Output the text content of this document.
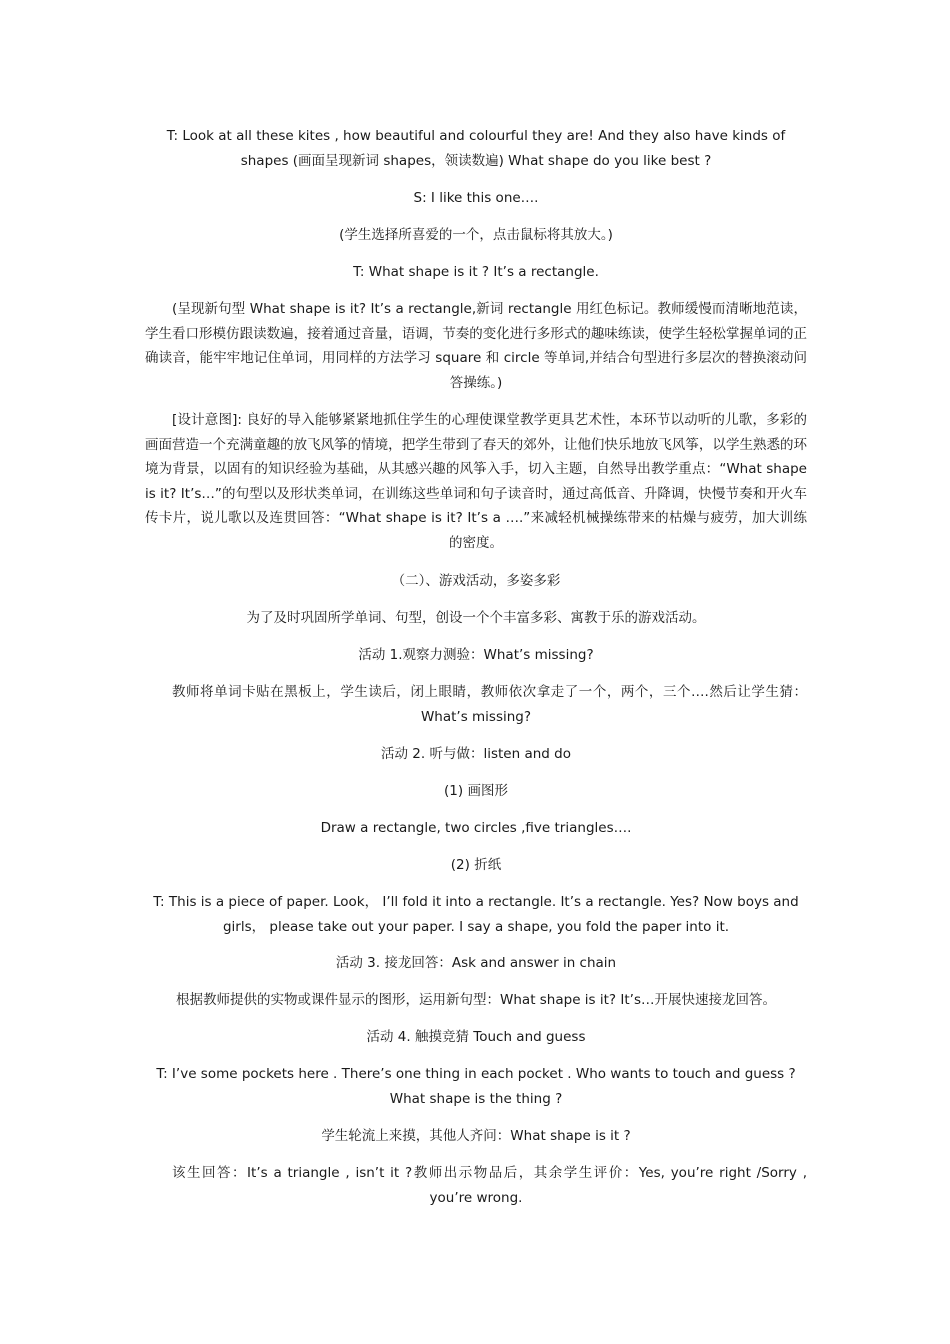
T: Look at all these kites , how beautiful and colourful they are! And they also have kinds of shapes (画面呈现新词 shapes，领读数遍) What shape do you like best ?

S: I like this one….

(学生选择所喜爱的一个，点击鼠标将其放大。)

T: What shape is it ? It’s a rectangle.

(呈现新句型 What shape is it? It’s a rectangle,新词 rectangle 用红色标记。教师缓慢而清晰地范读，学生看口形模仿跟读数遍，接着通过音量，语调，节奏的变化进行多形式的趣味练读，使学生轻松掌握单词的正确读音，能牢牢地记住单词，用同样的方法学习 square 和 circle 等单词,并结合句型进行多层次的替换滚动问答操练。)

[设计意图]: 良好的导入能够紧紧地抓住学生的心理使课堂教学更具艺术性，本环节以动听的儿歌，多彩的画面营造一个充满童趣的放飞风筝的情境，把学生带到了春天的郊外，让他们快乐地放飞风筝，以学生熟悉的环境为背景，以固有的知识经验为基础，从其感兴趣的风筝入手，切入主题，自然导出教学重点：“What shape is it? It’s…”的句型以及形状类单词，在训练这些单词和句子读音时，通过高低音、升降调，快慢节奏和开火车传卡片，说儿歌以及连贯回答：“What shape is it? It’s a ….”来减轻机械操练带来的枯燥与疲劳，加大训练的密度。

（二）、游戏活动，多姿多彩

为了及时巩固所学单词、句型，创设一个个丰富多彩、寓教于乐的游戏活动。

活动 1.观察力测验：What’s missing?

教师将单词卡贴在黑板上，学生读后，闭上眼睛，教师依次拿走了一个，两个，三个….然后让学生猜：What’s missing?

活动 2. 听与做：listen and do

(1) 画图形

Draw a rectangle, two circles ,five triangles….

(2) 折纸

T: This is a piece of paper. Look， I’ll fold it into a rectangle. It’s a rectangle. Yes? Now boys and girls， please take out your paper. I say a shape, you fold the paper into it.

活动 3. 接龙回答：Ask and answer in chain

根据教师提供的实物或课件显示的图形，运用新句型：What shape is it? It’s…开展快速接龙回答。

活动 4. 触摸竞猜 Touch and guess

T: I’ve some pockets here . There’s one thing in each pocket . Who wants to touch and guess ? What shape is the thing ?

学生轮流上来摸，其他人齐问：What shape is it ?

该生回答：It’s a triangle , isn’t it ?教师出示物品后，其余学生评价：Yes, you’re right /Sorry , you’re wrong.
